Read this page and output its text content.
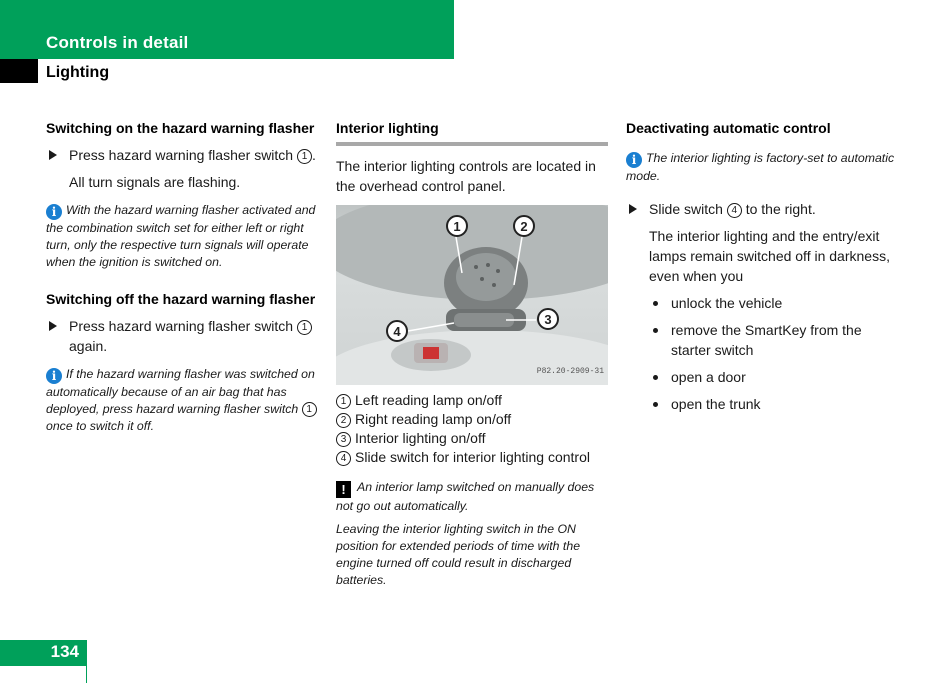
Controls in detail
Lighting
Switching on the hazard warning flasher
Press hazard warning flasher switch 1 .

All turn signals are flashing.

i With the hazard warning flasher activated and the combination switch set for either left or right turn, only the respective turn signals will operate when the ignition is switched on.

Switching off the hazard warning flasher
Press hazard warning flasher switch 1 again.

i If the hazard warning flasher was switched on automatically because of an air bag that has deployed, press hazard warning flasher switch 1 once to switch it off.

Interior lighting

The interior lighting controls are located in the overhead control panel.

1	2
3
4
P82.20-2909-31
1 Left reading lamp on/off
2 Right reading lamp on/off
3 Interior lighting on/off
4 Slide switch for interior lighting control

! An interior lamp switched on manually does not go out automatically.

Leaving the interior lighting switch in the ON position for extended periods of time with the engine turned off could result in discharged batteries.

Deactivating automatic control

i The interior lighting is factory-set to automatic mode.

Slide switch 4 to the right.

The interior lighting and the entry/exit lamps remain switched off in darkness, even when you

unlock the vehicle
remove the SmartKey from the starter switch
open a door
open the trunk
134
